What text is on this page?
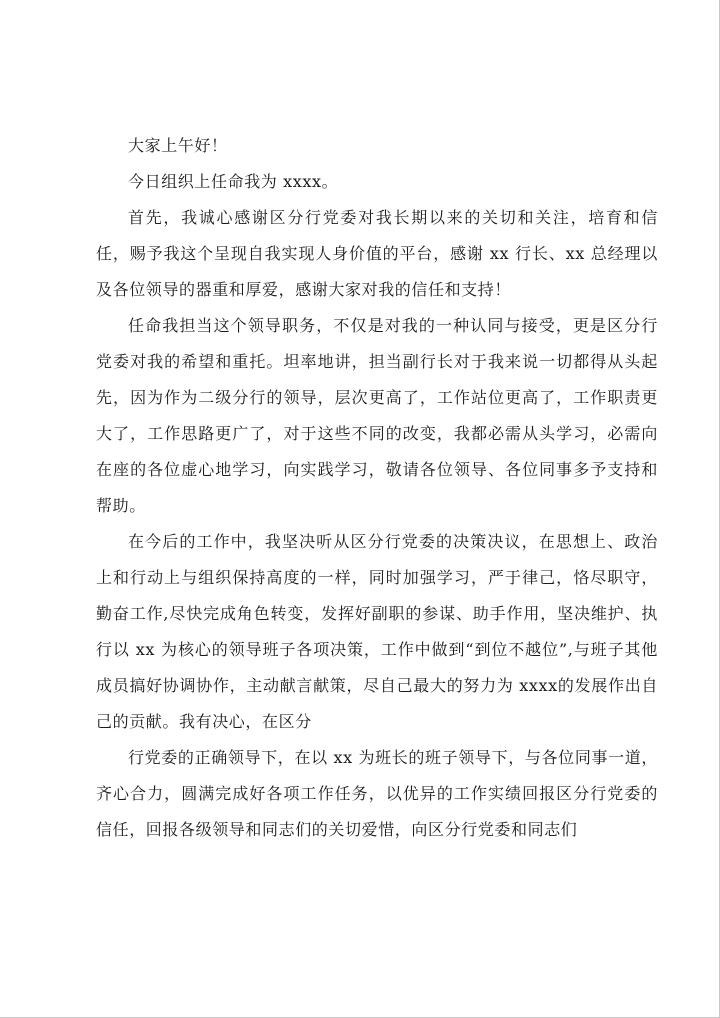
大家上午好！

今日组织上任命我为 xxxx。

首先，我诚心感谢区分行党委对我长期以来的关切和关注，培育和信任，赐予我这个呈现自我实现人身价值的平台，感谢 xx 行长、xx 总经理以及各位领导的器重和厚爱，感谢大家对我的信任和支持！

任命我担当这个领导职务，不仅是对我的一种认同与接受，更是区分行党委对我的希望和重托。坦率地讲，担当副行长对于我来说一切都得从头起先，因为作为二级分行的领导，层次更高了，工作站位更高了，工作职责更大了，工作思路更广了，对于这些不同的改变，我都必需从头学习，必需向在座的各位虚心地学习，向实践学习，敬请各位领导、各位同事多予支持和帮助。

在今后的工作中，我坚决听从区分行党委的决策决议，在思想上、政治上和行动上与组织保持高度的一样，同时加强学习，严于律己，恪尽职守，勤奋工作,尽快完成角色转变，发挥好副职的参谋、助手作用，坚决维护、执行以 xx 为核心的领导班子各项决策，工作中做到“到位不越位”,与班子其他成员搞好协调协作，主动献言献策，尽自己最大的努力为 xxxx的发展作出自己的贡献。我有决心，在区分

行党委的正确领导下，在以 xx 为班长的班子领导下，与各位同事一道，齐心合力，圆满完成好各项工作任务，以优异的工作实绩回报区分行党委的信任，回报各级领导和同志们的关切爱惜，向区分行党委和同志们
